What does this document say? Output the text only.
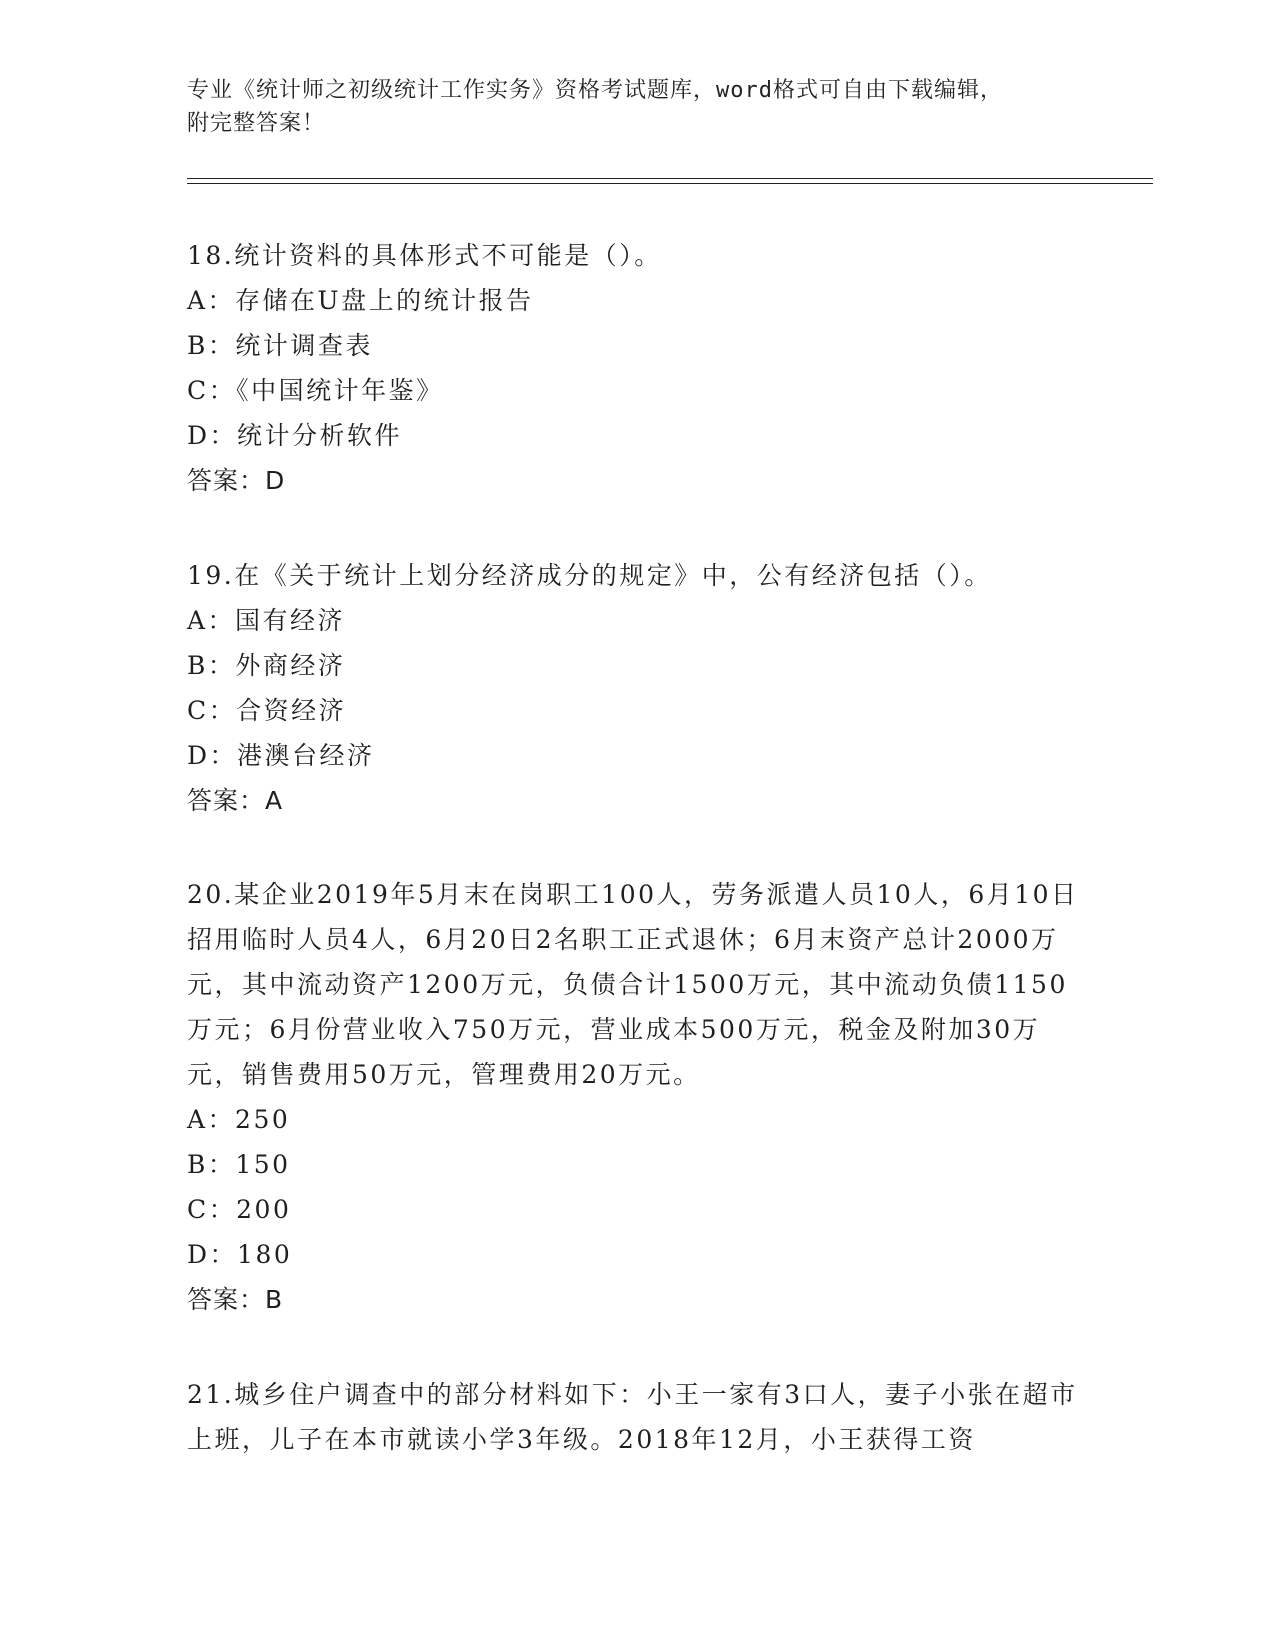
专业《统计师之初级统计工作实务》资格考试题库，word格式可自由下载编辑，
附完整答案！
18.统计资料的具体形式不可能是（）。
A：存储在U盘上的统计报告
B：统计调查表
C：《中国统计年鉴》
D：统计分析软件
答案：D
19.在《关于统计上划分经济成分的规定》中，公有经济包括（）。
A：国有经济
B：外商经济
C：合资经济
D：港澳台经济
答案：A
20.某企业2019年5月末在岗职工100人，劳务派遣人员10人，6月10日招用临时人员4人，6月20日2名职工正式退休；6月末资产总计2000万元，其中流动资产1200万元，负债合计1500万元，其中流动负债1150万元；6月份营业收入750万元，营业成本500万元，税金及附加30万元，销售费用50万元，管理费用20万元。
A：250
B：150
C：200
D：180
答案：B
21.城乡住户调查中的部分材料如下：小王一家有3口人，妻子小张在超市上班，儿子在本市就读小学3年级。2018年12月，小王获得工资
